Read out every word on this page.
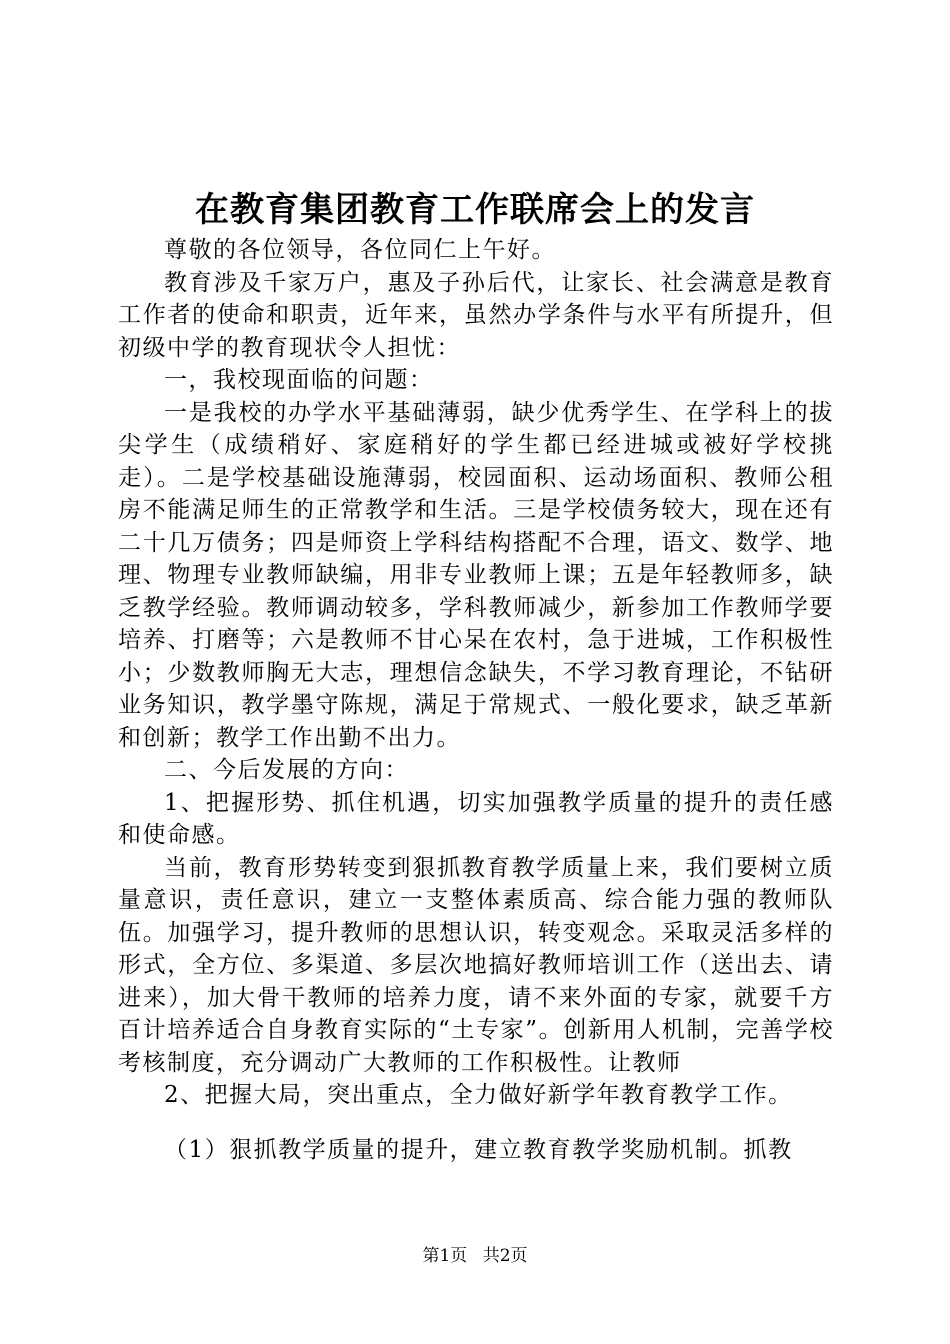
在教育集团教育工作联席会上的发言

尊敬的各位领导，各位同仁上午好。

教育涉及千家万户，惠及子孙后代，让家长、社会满意是教育工作者的使命和职责，近年来，虽然办学条件与水平有所提升，但初级中学的教育现状令人担忧：

一，我校现面临的问题：

一是我校的办学水平基础薄弱，缺少优秀学生、在学科上的拔尖学生（成绩稍好、家庭稍好的学生都已经进城或被好学校挑走）。二是学校基础设施薄弱，校园面积、运动场面积、教师公租房不能满足师生的正常教学和生活。三是学校债务较大，现在还有二十几万债务；四是师资上学科结构搭配不合理，语文、数学、地理、物理专业教师缺编，用非专业教师上课；五是年轻教师多，缺乏教学经验。教师调动较多，学科教师减少，新参加工作教师学要培养、打磨等；六是教师不甘心呆在农村，急于进城，工作积极性小；少数教师胸无大志，理想信念缺失，不学习教育理论，不钻研业务知识，教学墨守陈规，满足于常规式、一般化要求，缺乏革新和创新；教学工作出勤不出力。

二、今后发展的方向：

1、把握形势、抓住机遇，切实加强教学质量的提升的责任感和使命感。

当前，教育形势转变到狠抓教育教学质量上来，我们要树立质量意识，责任意识，建立一支整体素质高、综合能力强的教师队伍。加强学习，提升教师的思想认识，转变观念。采取灵活多样的形式，全方位、多渠道、多层次地搞好教师培训工作（送出去、请进来），加大骨干教师的培养力度，请不来外面的专家，就要千方百计培养适合自身教育实际的“土专家”。创新用人机制，完善学校考核制度，充分调动广大教师的工作积极性。让教师

2、把握大局，突出重点，全力做好新学年教育教学工作。

（1）狠抓教学质量的提升，建立教育教学奖励机制。抓教

第1页 共2页
